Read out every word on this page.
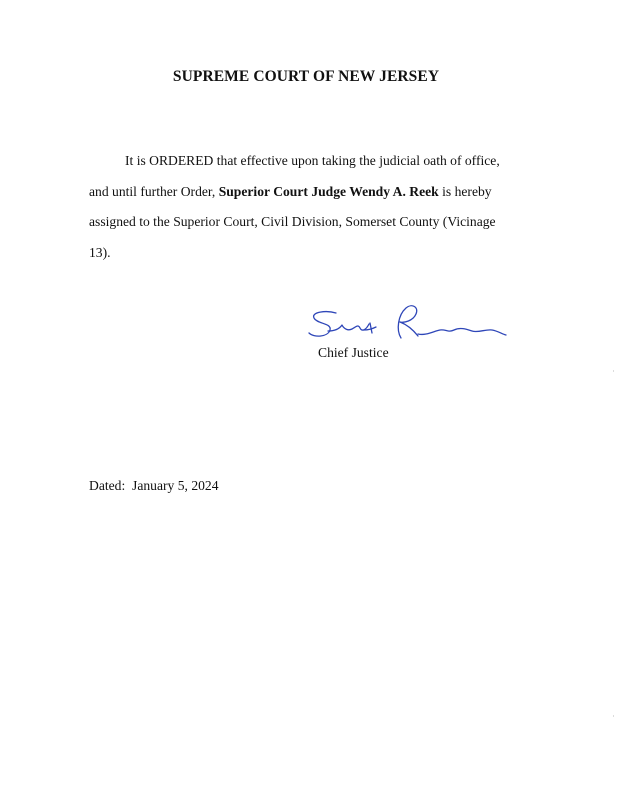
SUPREME COURT OF NEW JERSEY
It is ORDERED that effective upon taking the judicial oath of office,
and until further Order, Superior Court Judge Wendy A. Reek is hereby
assigned to the Superior Court, Civil Division, Somerset County (Vicinage
13).
Chief Justice
Dated: January 5, 2024
